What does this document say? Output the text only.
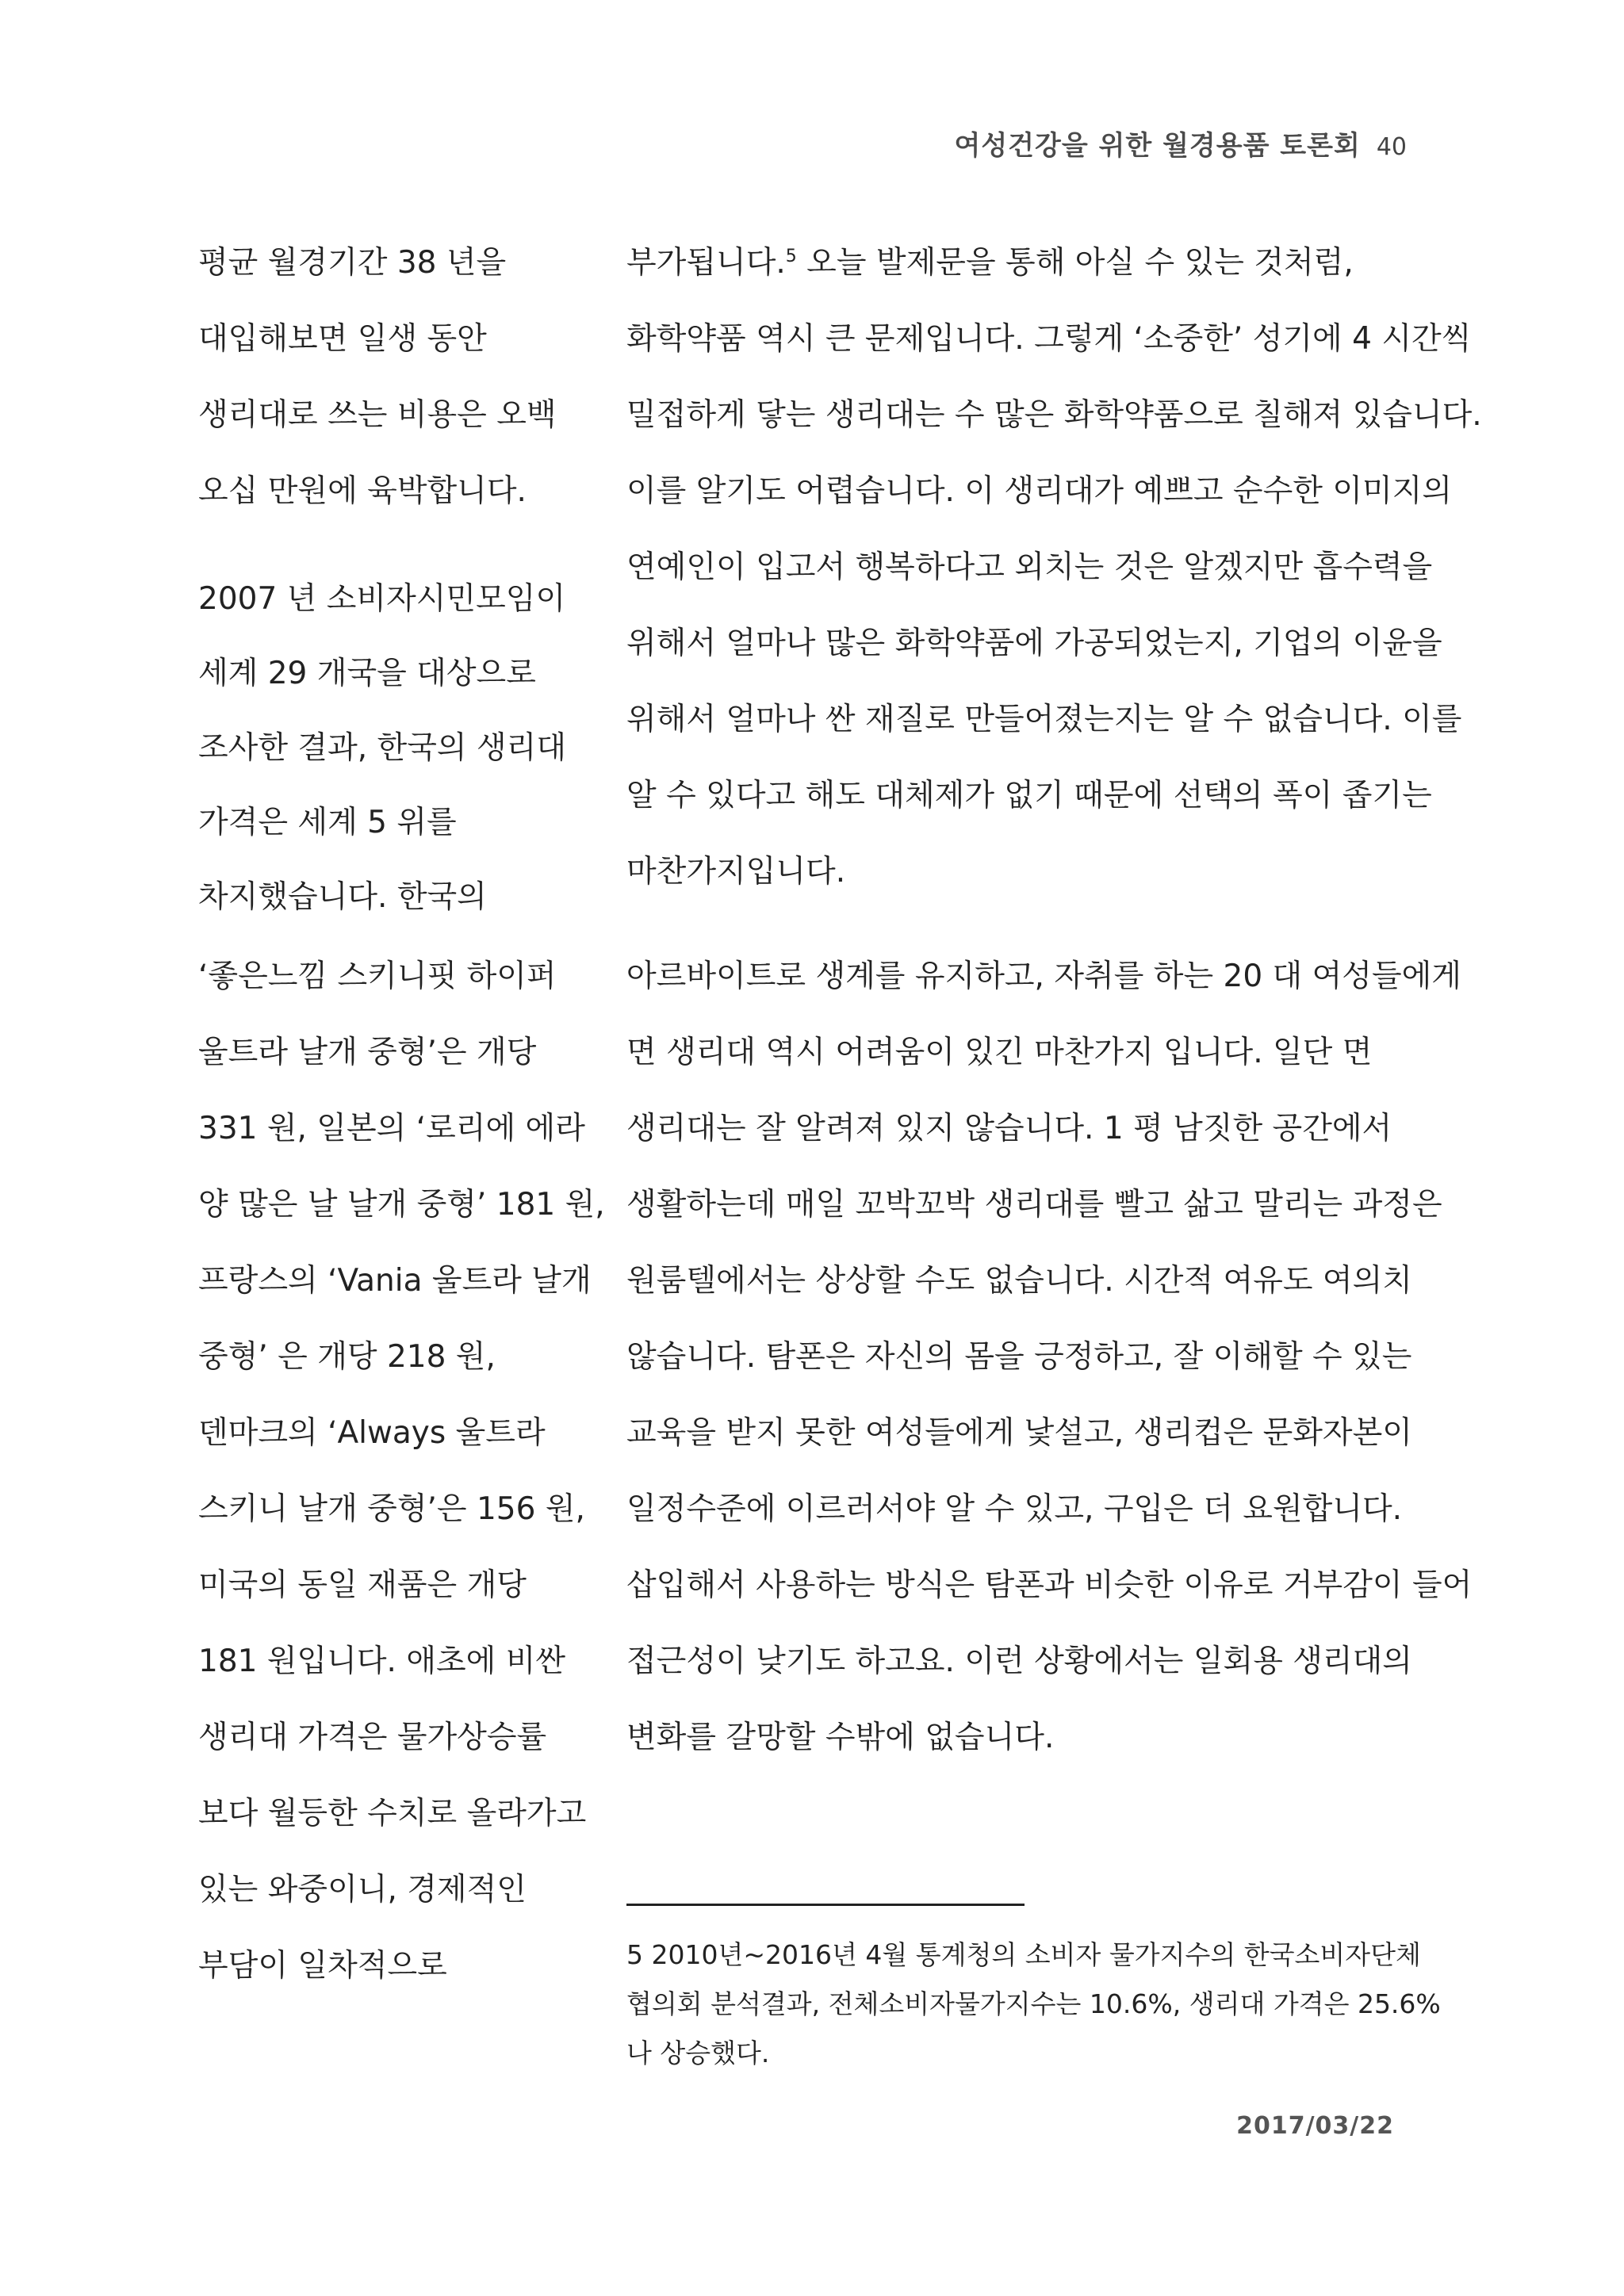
여성건강을 위한 월경용품 토론회 40

평균 월경기간 38 년을

대입해보면 일생 동안

생리대로 쓰는 비용은 오백

오십 만원에 육박합니다.

2007 년 소비자시민모임이

세계 29 개국을 대상으로

조사한 결과, 한국의 생리대

가격은 세계 5 위를

차지했습니다. 한국의

‘좋은느낌 스키니핏 하이퍼

울트라 날개 중형’은 개당

331 원, 일본의 ‘로리에 에라

양 많은 날 날개 중형’ 181 원,

프랑스의 ‘Vania 울트라 날개

중형’ 은 개당 218 원,

덴마크의 ‘Always 울트라

스키니 날개 중형’은 156 원,

미국의 동일 재품은 개당

181 원입니다. 애초에 비싼

생리대 가격은 물가상승률

보다 월등한 수치로 올라가고

있는 와중이니, 경제적인

부담이 일차적으로

부가됩니다.$^5$ 오늘 발제문을 통해 아실 수 있는 것처럼,

화학약품 역시 큰 문제입니다. 그렇게 ‘소중한’ 성기에 4 시간씩

밀접하게 닿는 생리대는 수 많은 화학약품으로 칠해져 있습니다.

이를 알기도 어렵습니다. 이 생리대가 예쁘고 순수한 이미지의

연예인이 입고서 행복하다고 외치는 것은 알겠지만 흡수력을

위해서 얼마나 많은 화학약품에 가공되었는지, 기업의 이윤을

위해서 얼마나 싼 재질로 만들어졌는지는 알 수 없습니다. 이를

알 수 있다고 해도 대체제가 없기 때문에 선택의 폭이 좁기는

마찬가지입니다.

아르바이트로 생계를 유지하고, 자취를 하는 20 대 여성들에게

면 생리대 역시 어려움이 있긴 마찬가지 입니다. 일단 면

생리대는 잘 알려져 있지 않습니다. 1 평 남짓한 공간에서

생활하는데 매일 꼬박꼬박 생리대를 빨고 삶고 말리는 과정은

원룸텔에서는 상상할 수도 없습니다. 시간적 여유도 여의치

않습니다. 탐폰은 자신의 몸을 긍정하고, 잘 이해할 수 있는

교육을 받지 못한 여성들에게 낯설고, 생리컵은 문화자본이

일정수준에 이르러서야 알 수 있고, 구입은 더 요원합니다.

삽입해서 사용하는 방식은 탐폰과 비슷한 이유로 거부감이 들어

접근성이 낮기도 하고요. 이런 상황에서는 일회용 생리대의

변화를 갈망할 수밖에 없습니다.

5 2010년~2016년 4월 통계청의 소비자 물가지수의 한국소비자단체

협의회 분석결과, 전체소비자물가지수는 10.6%, 생리대 가격은 25.6%

나 상승했다.

2017/03/22
